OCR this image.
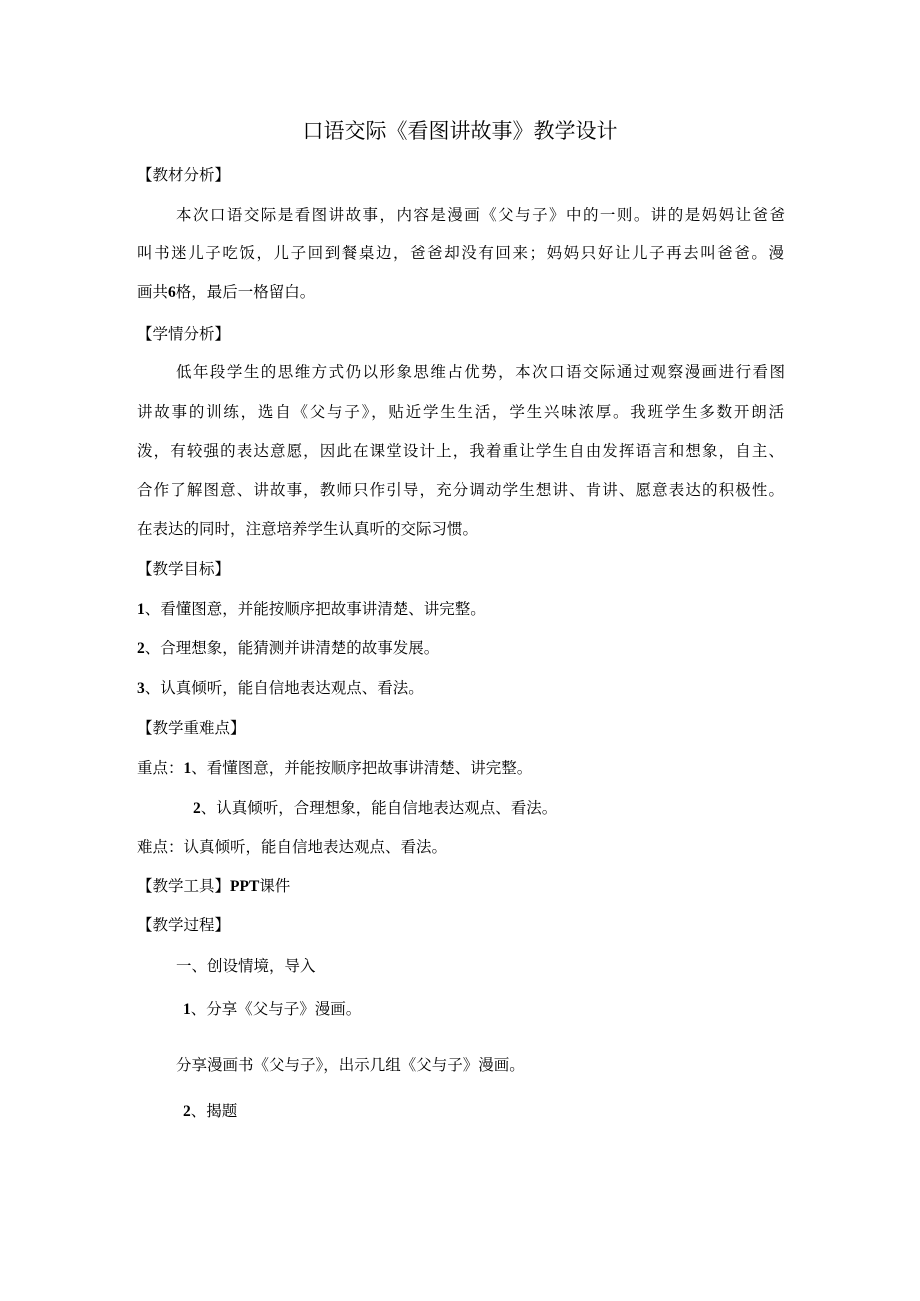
口语交际《看图讲故事》教学设计
【教材分析】
本次口语交际是看图讲故事，内容是漫画《父与子》中的一则。讲的是妈妈让爸爸
叫书迷儿子吃饭，儿子回到餐桌边，爸爸却没有回来；妈妈只好让儿子再去叫爸爸。漫
画共6格，最后一格留白。
【学情分析】
低年段学生的思维方式仍以形象思维占优势，本次口语交际通过观察漫画进行看图
讲故事的训练，选自《父与子》，贴近学生生活，学生兴味浓厚。我班学生多数开朗活
泼，有较强的表达意愿，因此在课堂设计上，我着重让学生自由发挥语言和想象，自主、
合作了解图意、讲故事，教师只作引导，充分调动学生想讲、肯讲、愿意表达的积极性。
在表达的同时，注意培养学生认真听的交际习惯。
【教学目标】
1、看懂图意，并能按顺序把故事讲清楚、讲完整。
2、合理想象，能猜测并讲清楚的故事发展。
3、认真倾听，能自信地表达观点、看法。
【教学重难点】
重点：1、看懂图意，并能按顺序把故事讲清楚、讲完整。
2、认真倾听，合理想象，能自信地表达观点、看法。
难点：认真倾听，能自信地表达观点、看法。
【教学工具】PPT课件
【教学过程】
一、创设情境，导入
1、分享《父与子》漫画。
分享漫画书《父与子》，出示几组《父与子》漫画。
2、揭题
